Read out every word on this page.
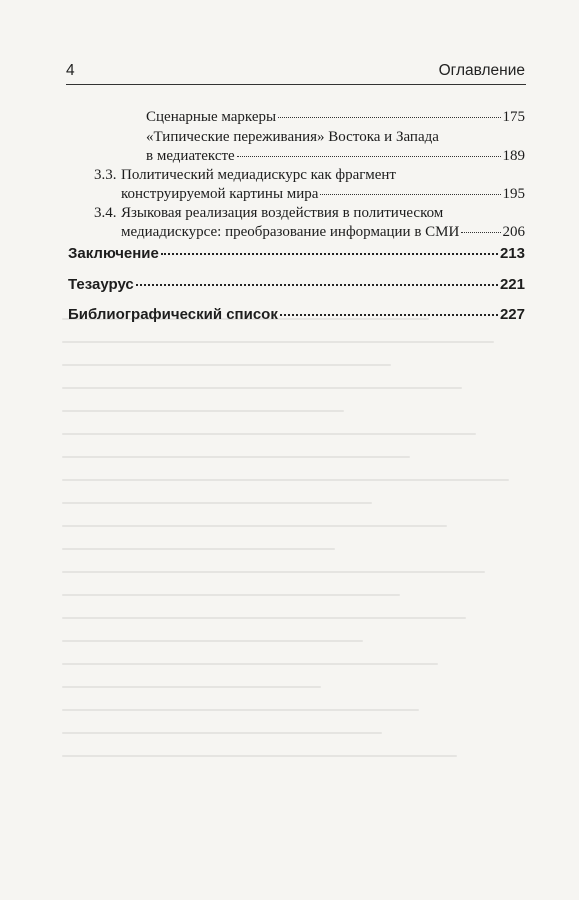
4	Оглавление
Сценарные маркеры	175
«Типические переживания» Востока и Запада
в медиатексте	189
3.3. Политический медиадискурс как фрагмент
конструируемой картины мира	195
3.4. Языковая реализация воздействия в политическом
медиадискурсе: преобразование информации в СМИ	206
Заключение	213
Тезаурус	221
Библиографический список	227
